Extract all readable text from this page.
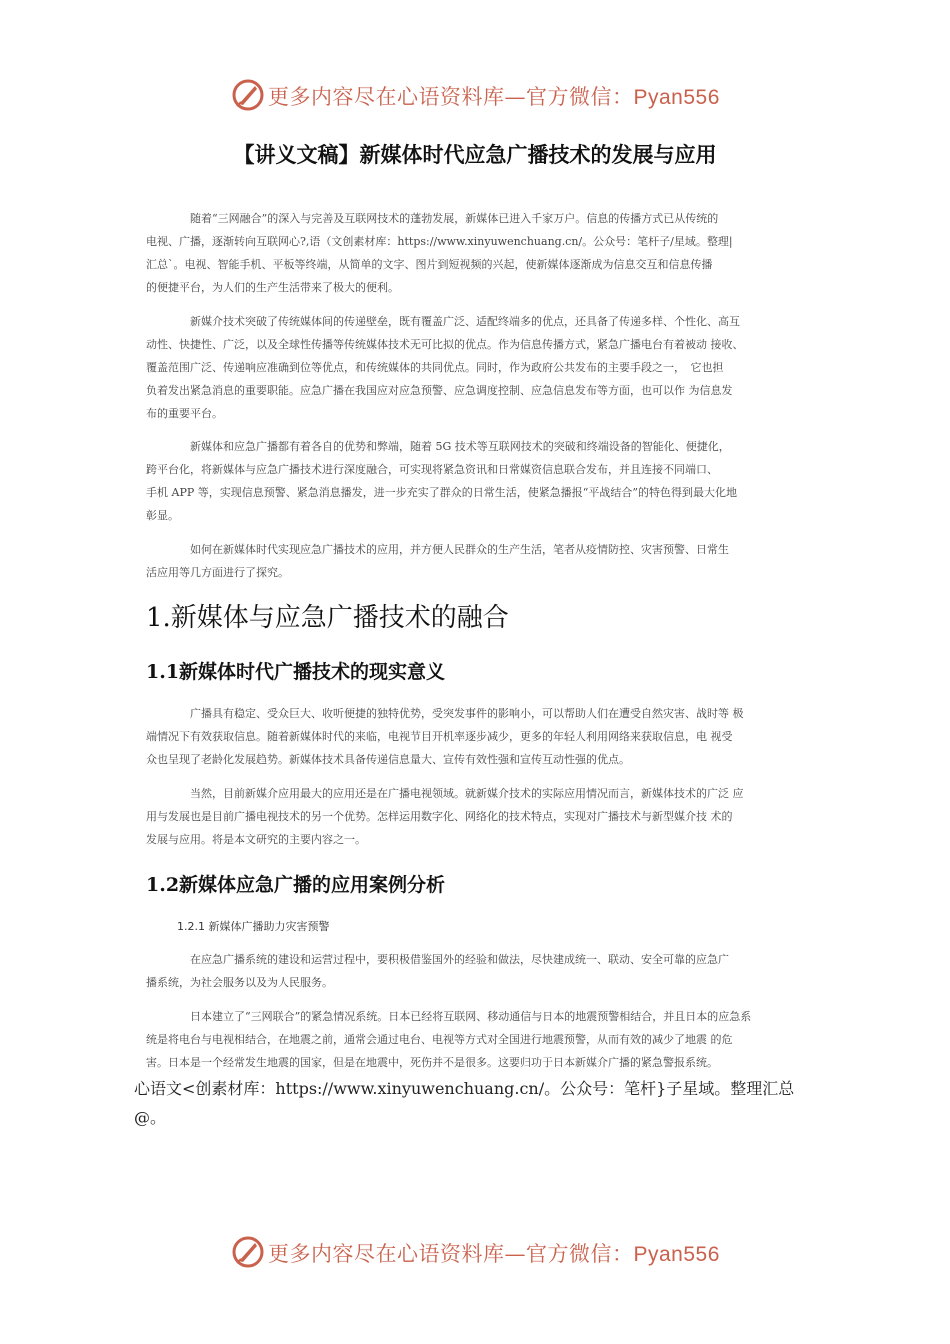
更多内容尽在心语资料库—官方微信：Pyan556
【讲义文稿】新媒体时代应急广播技术的发展与应用
　　　　随着“三网融合”的深入与完善及互联网技术的蓬勃发展，新媒体已进入千家万户。信息的传播方式已从传统的
电视、广播，逐渐转向互联网心?,语（文创素材库：https://www.xinyuwenchuang.cn/。公众号：笔杆子/星域。整理|
汇总`。电视、智能手机、平板等终端，从简单的文字、图片到短视频的兴起，使新媒体逐渐成为信息交互和信息传播
的便捷平台，为人们的生产生活带来了极大的便利。
　　　　新媒介技术突破了传统媒体间的传递壁垒，既有覆盖广泛、适配终端多的优点，还具备了传递多样、个性化、高互
动性、快捷性、广泛，以及全球性传播等传统媒体技术无可比拟的优点。作为信息传播方式，紧急广播电台有着被动 接收、
覆盖范围广泛、传递响应准确到位等优点，和传统媒体的共同优点。同时，作为政府公共发布的主要手段之一，　它也担
负着发出紧急消息的重要职能。应急广播在我国应对应急预警、应急调度控制、应急信息发布等方面，也可以作 为信息发
布的重要平台。
　　　　新媒体和应急广播都有着各自的优势和弊端，随着 5G 技术等互联网技术的突破和终端设备的智能化、便捷化，
跨平台化，将新媒体与应急广播技术进行深度融合，可实现将紧急资讯和日常媒资信息联合发布，并且连接不同端口、
手机 APP 等，实现信息预警、紧急消息播发，进一步充实了群众的日常生活，使紧急播报“平战结合”的特色得到最大化地
彰显。
　　　　如何在新媒体时代实现应急广播技术的应用，并方便人民群众的生产生活，笔者从疫情防控、灾害预警、日常生
活应用等几方面进行了探究。
1.新媒体与应急广播技术的融合
1.1新媒体时代广播技术的现实意义
　　　　广播具有稳定、受众巨大、收听便捷的独特优势，受突发事件的影响小，可以帮助人们在遭受自然灾害、战时等 极
端情况下有效获取信息。随着新媒体时代的来临，电视节目开机率逐步减少，更多的年轻人利用网络来获取信息，电 视受
众也呈现了老龄化发展趋势。新媒体技术具备传递信息量大、宣传有效性强和宣传互动性强的优点。
　　　　当然，目前新媒介应用最大的应用还是在广播电视领域。就新媒介技术的实际应用情况而言，新媒体技术的广泛 应
用与发展也是目前广播电视技术的另一个优势。怎样运用数字化、网络化的技术特点，实现对广播技术与新型媒介技 术的
发展与应用。将是本文研究的主要内容之一。
1.2新媒体应急广播的应用案例分析
1.2.1 新媒体广播助力灾害预警
　　　　在应急广播系统的建设和运营过程中，要积极借鉴国外的经验和做法，尽快建成统一、联动、安全可靠的应急广
播系统，为社会服务以及为人民服务。
　　　　日本建立了“三网联合”的紧急情况系统。日本已经将互联网、移动通信与日本的地震预警相结合，并且日本的应急系
统是将电台与电视相结合，在地震之前，通常会通过电台、电视等方式对全国进行地震预警，从而有效的减少了地震 的危
害。日本是一个经常发生地震的国家，但是在地震中，死伤并不是很多。这要归功于日本新媒介广播的紧急警报系统。
心语文<创素材库：https://www.xinyuwenchuang.cn/。公众号：笔杆}子星域。整理汇总
@。
更多内容尽在心语资料库—官方微信：Pyan556
